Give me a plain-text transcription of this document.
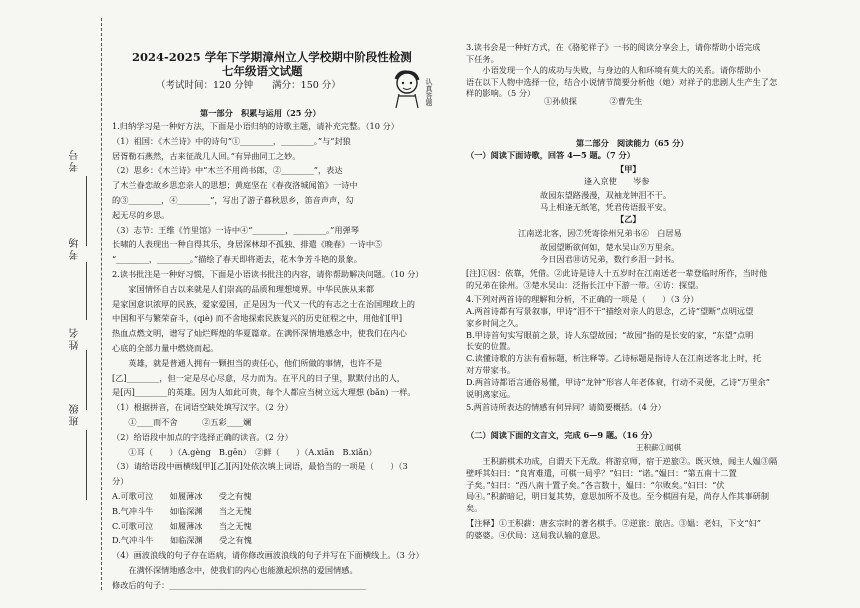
考号
考场
姓名
班级
2024-2025 学年下学期漳州立人学校期中阶段性检测
七年级语文试题
（考试时间：120 分钟　　满分：150 分）
第一部分　积累与运用（25 分）
1.归纳学习是一种好方法，下面是小语归纳的诗歌主题，请补充完整。（10 分）
（1）祖国：《木兰诗》中的诗句“①________，________。”与“封狼
居胥勒石燕然，古来征战几人回。”有异曲同工之妙。
（2）思乡：《木兰诗》中“木兰不用尚书郎，②________”，表达
了木兰眷恋故乡思恋亲人的思想；黄庭坚在《春夜洛城闻笛》一诗中
的③________，④________”，写出了游子暮秋思乡，笛音声声，勾
起无尽的乡思。
（3）志节：王维《竹里馆》一诗中④“________，________。”用弹琴
长啸的人表现出一种自得其乐，身居深林却不孤独、排遣《晚春》一诗中⑤
“________，________。”描绘了春天即将逝去，花木争芳斗艳的景象。
2.读书批注是一种好习惯，下面是小语读书批注的内容，请你帮助解决问题。（10 分）
　　家国情怀自古以来就是人们崇高的品质和理想境界。中华民族从来都
是家国意识浓厚的民族，爱家爱国，正是因为一代又一代的有志之士在治国理政上的
中国和平与繁荣奋斗，(qiè) 而不舍地探索民族复兴的历史征程之中，用他们[甲]
热血点燃文明，谱写了灿烂辉煌的华夏篇章。在满怀深情地感念中，使我们在内心
心底的全部力量中燃烧而起。
　　英雄，就是普通人拥有一颗担当的责任心，他们所做的事情，也许不是
[乙]________，但一定是尽心尽意，尽力而为。在平凡的日子里，默默付出的人，
是[丙]________的英雄。因为人如此可贵，每个人都应当树立远大理想 (bǎn) 一样。
（1）根据拼音，在词语空缺处填写汉字。（2 分）
　　①____而不舍　　　②五彩____斓
（2）给语段中加点的字选择正确的读音。（2 分）
　　①耳（　　）（A.gèng　B.gēn）　②鲜（　　）（A.xiān　B.xiǎn）
（3）请给语段中画横线[甲][乙][丙]处依次填上词语，最恰当的一项是（　　）（3
分）
A.可歌可泣　　如履薄冰　　受之有愧
B.气冲斗牛　　如临深渊　　当之无愧
C.可歌可泣　　如履薄冰　　当之无愧
D.气冲斗牛　　如临深渊　　受之有愧
（4）画波浪线的句子存在语病，请你修改画波浪线的句子并写在下面横线上。（3 分）
　　在满怀深情地感念中，使我们的内心也能激起炽热的爱国情感。
修改后的句子：________________________________________________
认真答题
3.读书会是一种好方式，在《骆驼祥子》一书的阅读分享会上，请你帮助小语完成
下任务。
　　小语发现一个人的成功与失败，与身边的人和环境有莫大的关系。请你帮助小
语在以下人物中选择一位，结合小说情节简要分析他（她）对祥子的悲剧人生产生了怎
样的影响。（5 分）
①孙侦探　　　　②曹先生
第二部分　阅读能力（65 分）
（一）阅读下面诗歌，回答 4—5 题。（7 分）
【甲】
逢入京使　　岑参
故园东望路漫漫，双袖龙钟泪不干。
马上相逢无纸笔，凭君传语报平安。
【乙】
江南送北客，因⑦凭寄徐州兄弟书⑥　白居易
故园望断欲何如，楚水吴山⑨万里余。
今日因君⑩访兄弟，数行乡泪一封书。
[注]①因：依靠，凭借。②此诗是诗人十五岁时在江南送老一辈登临时所作，当时他
的兄弟在徐州。③楚水吴山：泛指长江中下游一带。④访：探望。
4.下列对两首诗的理解和分析，不正确的一项是（　　）（3 分）
A.两首诗都有写景叙事，甲诗“泪不干”描绘对亲人的思念，乙诗“望断”点明远望
家乡时间之久。
B.甲诗首句实写眼前之景，诗人东望故园；“故园”指的是长安的家，“东望”点明
长安的位置。
C.读懂诗歌的方法有看标题，析注释等。乙诗标题是指诗人在江南送客北上时，托
对方带家书。
D.两首诗都语言通俗易懂，甲诗“龙钟”形容人年老体衰，行动不灵便，乙诗“万里余”
说明离家远。
5.两首诗所表达的情感有何异同？请简要概括。（4 分）
（二）阅读下面的文言文，完成 6—9 题。（16 分）
王积薪①闻棋
　　王积薪棋术功成，自谓天下无敌。将游京师，宿于逆旅②。既灭烛，闻主人媪③隔
壁呼其妇曰：“良宵难遣，可棋一局乎？”妇曰：“诺。”媪曰：“第五南十二置
子矣。”妇曰：“西八南十置子矣。”各言数十，媪曰：“尔败矣。”妇曰：“伏
局④。”积薪暗记，明日复其势，意思加所不及也。至今棋固有是，尚存人作其事研制
矣。
【注释】①王积薪：唐玄宗时的著名棋手。②逆旅：旅店。③媪：老妇，下文“妇”
的婆婆。④伏局：这局我认输的意思。
